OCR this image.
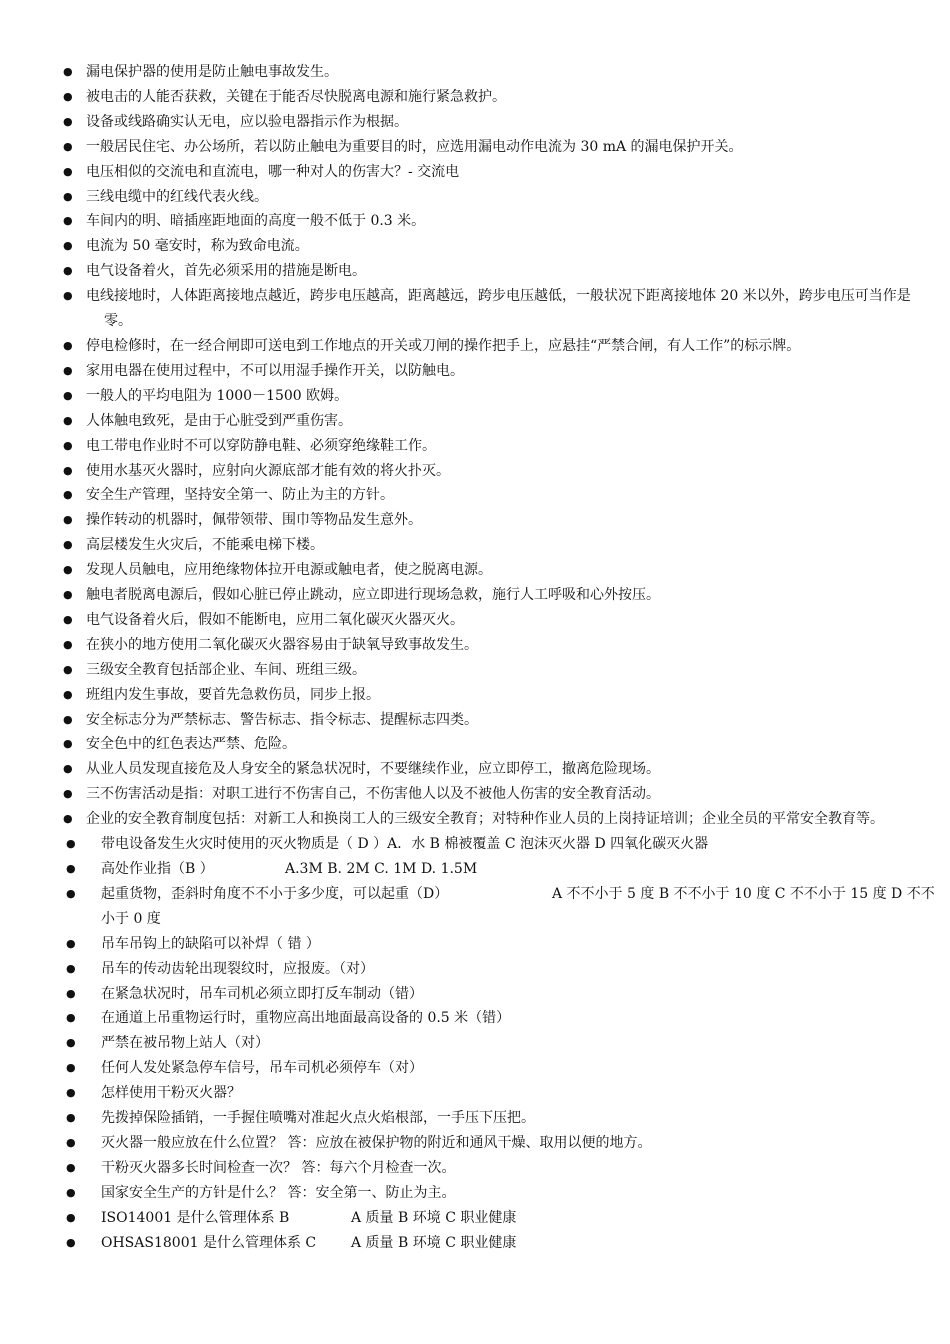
● 漏电保护器的使用是防止触电事故发生。
● 被电击的人能否获救，关键在于能否尽快脱离电源和施行紧急救护。
● 设备或线路确实认无电，应以验电器指示作为根据。
● 一般居民住宅、办公场所，若以防止触电为重要目的时，应选用漏电动作电流为 30 mA 的漏电保护开关。
● 电压相似的交流电和直流电，哪一种对人的伤害大？- 交流电
● 三线电缆中的红线代表火线。
● 车间内的明、暗插座距地面的高度一般不低于 0.3 米。
● 电流为 50 毫安时，称为致命电流。
● 电气设备着火，首先必须采用的措施是断电。
● 电线接地时，人体距离接地点越近，跨步电压越高，距离越远，跨步电压越低，一般状况下距离接地体 20 米以外，跨步电压可当作是零。
● 停电检修时，在一经合闸即可送电到工作地点的开关或刀闸的操作把手上，应悬挂“严禁合闸，有人工作”的标示牌。
● 家用电器在使用过程中，不可以用湿手操作开关，以防触电。
● 一般人的平均电阻为 1000－1500 欧姆。
● 人体触电致死，是由于心脏受到严重伤害。
● 电工带电作业时不可以穿防静电鞋、必须穿绝缘鞋工作。
● 使用水基灭火器时，应射向火源底部才能有效的将火扑灭。
● 安全生产管理，坚持安全第一、防止为主的方针。
● 操作转动的机器时，佩带领带、围巾等物品发生意外。
● 高层楼发生火灾后，不能乘电梯下楼。
● 发现人员触电，应用绝缘物体拉开电源或触电者，使之脱离电源。
● 触电者脱离电源后，假如心脏已停止跳动，应立即进行现场急救，施行人工呼吸和心外按压。
● 电气设备着火后，假如不能断电，应用二氧化碳灭火器灭火。
● 在狭小的地方使用二氧化碳灭火器容易由于缺氧导致事故发生。
● 三级安全教育包括部企业、车间、班组三级。
● 班组内发生事故，要首先急救伤员，同步上报。
● 安全标志分为严禁标志、警告标志、指令标志、提醒标志四类。
● 安全色中的红色表达严禁、危险。
● 从业人员发现直接危及人身安全的紧急状况时，不要继续作业，应立即停工，撤离危险现场。
● 三不伤害活动是指：对职工进行不伤害自己，不伤害他人以及不被他人伤害的安全教育活动。
● 企业的安全教育制度包括：对新工人和换岗工人的三级安全教育；对特种作业人员的上岗持证培训；企业全员的平常安全教育等。
● 带电设备发生火灾时使用的灭火物质是（ D ）A．水 B 棉被覆盖 C 泡沫灭火器 D 四氧化碳灭火器
● 高处作业指（B ）	A.3M B. 2M C. 1M D. 1.5M
● 起重货物，歪斜时角度不不小于多少度，可以起重（D）	A 不不小于 5 度 B 不不小于 10 度 C 不不小于 15 度 D 不不小于 0 度
● 吊车吊钩上的缺陷可以补焊（ 错 ）
● 吊车的传动齿轮出现裂纹时，应报废。（对）
● 在紧急状况时，吊车司机必须立即打反车制动（错）
● 在通道上吊重物运行时，重物应高出地面最高设备的 0.5 米（错）
● 严禁在被吊物上站人（对）
● 任何人发处紧急停车信号，吊车司机必须停车（对）
● 怎样使用干粉灭火器？
● 先拨掉保险插销，一手握住喷嘴对准起火点火焰根部，一手压下压把。
● 灭火器一般应放在什么位置？ 答：应放在被保护物的附近和通风干燥、取用以便的地方。
● 干粉灭火器多长时间检查一次？ 答：每六个月检查一次。
● 国家安全生产的方针是什么？ 答：安全第一、防止为主。
● ISO14001 是什么管理体系 B	A 质量 B 环境 C 职业健康
● OHSAS18001 是什么管理体系 C A 质量 B 环境 C 职业健康
